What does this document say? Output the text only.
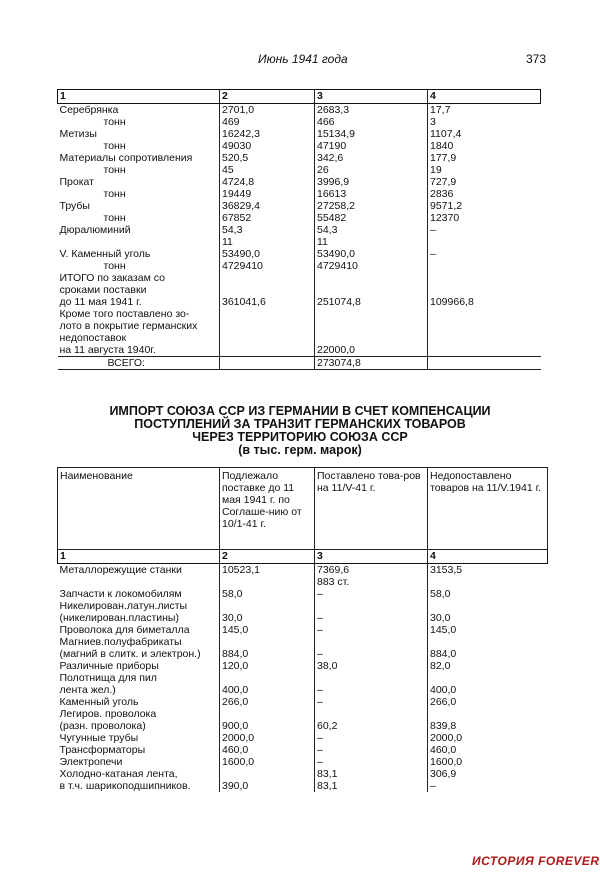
Июнь 1941 года	373
1	2	3	4
Серебрянка	2701,0	2683,3	17,7
тонн	469	466	3
Метизы	16242,3	15134,9	1107,4
тонн	49030	47190	1840
Материалы сопротивления	520,5	342,6	177,9
тонн	45	26	19
Прокат	4724,8	3996,9	727,9
тонн	19449	16613	2836
Трубы	36829,4	27258,2	9571,2
тонн	67852	55482	12370
Дюралюминий	54,3	54,3	–
	11	11	
V. Каменный уголь	53490,0	53490,0	–
тонн	4729410	4729410	
ИТОГО по заказам со			
сроками поставки			
до 11 мая 1941 г.	361041,6	251074,8	109966,8
Кроме того поставлено зо-			
лото в покрытие германских			
недопоставок			
на 11 августа 1940г.		22000,0	
ВСЕГО:		273074,8	
ИМПОРТ СОЮЗА ССР ИЗ ГЕРМАНИИ В СЧЕТ КОМПЕНСАЦИИ
ПОСТУПЛЕНИЙ ЗА ТРАНЗИТ ГЕРМАНСКИХ ТОВАРОВ
ЧЕРЕЗ ТЕРРИТОРИЮ СОЮЗА ССР
(в тыс. герм. марок)
Наименование	Подлежало поставке до 11 мая 1941 г. по Соглаше-нию от 10/1-41 г.	Поставлено това-ров на 11/V-41 г.	Недопоставлено товаров на 11/V.1941 г.
1	2	3	4
Металлорежущие станки	10523,1	7369,6	3153,5
		883 ст.	
Запчасти к локомобилям	58,0	–	58,0
Никелирован.латун.листы			
(никелирован.пластины)	30,0	–	30,0
Проволока для биметалла	145,0	–	145,0
Магниев.полуфабрикаты			
(магний в слитк. и электрон.)	884,0	–	884,0
Различные приборы	120,0	38,0	82,0
Полотнища для пил			
лента жел.)	400,0	–	400,0
Каменный уголь	266,0	–	266,0
Легиров. проволока			
(разн. проволока)	900,0	60,2	839,8
Чугунные трубы	2000,0	–	2000,0
Трансформаторы	460,0	–	460,0
Электропечи	1600,0	–	1600,0
Холодно-катаная лента,		83,1	306,9
в т.ч. шарикоподшипников.	390,0	83,1	–
ИСТОРИЯ FOREVER
